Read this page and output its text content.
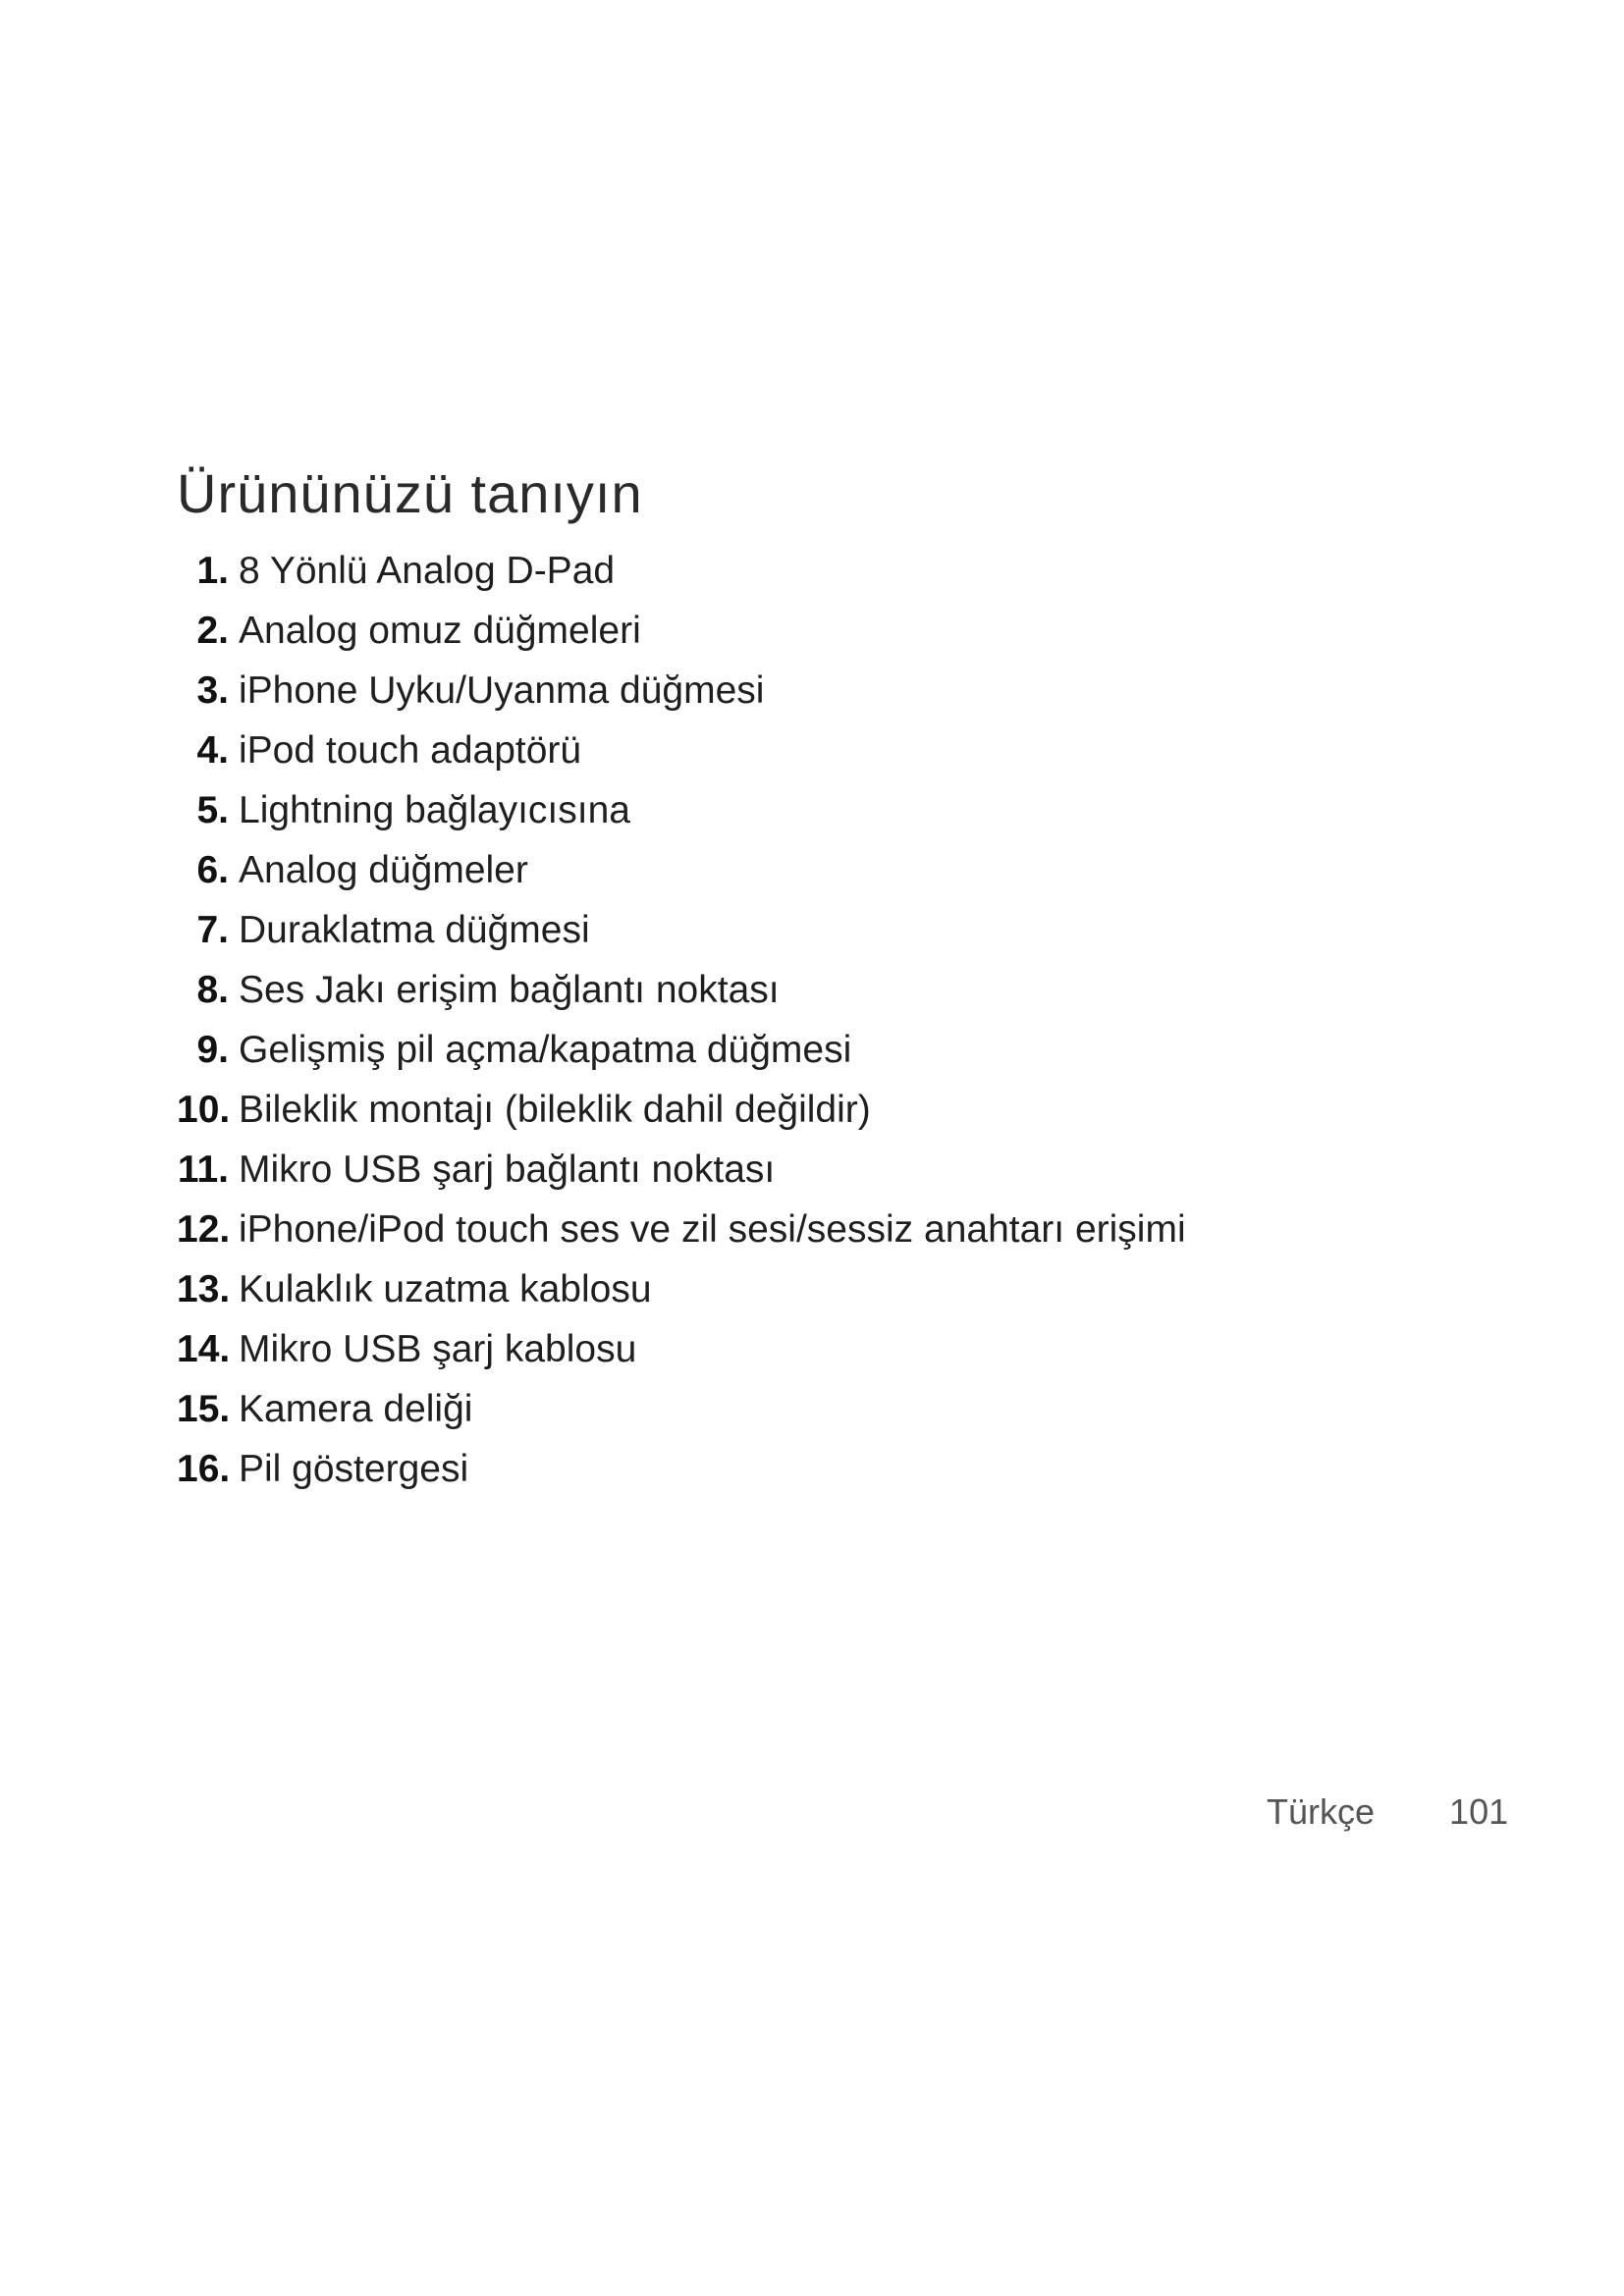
Ürününüzü tanıyın
1. 8 Yönlü Analog D-Pad
2. Analog omuz düğmeleri
3. iPhone Uyku/Uyanma düğmesi
4. iPod touch adaptörü
5. Lightning bağlayıcısına
6. Analog düğmeler
7. Duraklatma düğmesi
8. Ses Jakı erişim bağlantı noktası
9. Gelişmiş pil açma/kapatma düğmesi
10. Bileklik montajı (bileklik dahil değildir)
11. Mikro USB şarj bağlantı noktası
12. iPhone/iPod touch ses ve zil sesi/sessiz anahtarı erişimi
13. Kulaklık uzatma kablosu
14. Mikro USB şarj kablosu
15. Kamera deliği
16. Pil göstergesi
Türkçe 101
